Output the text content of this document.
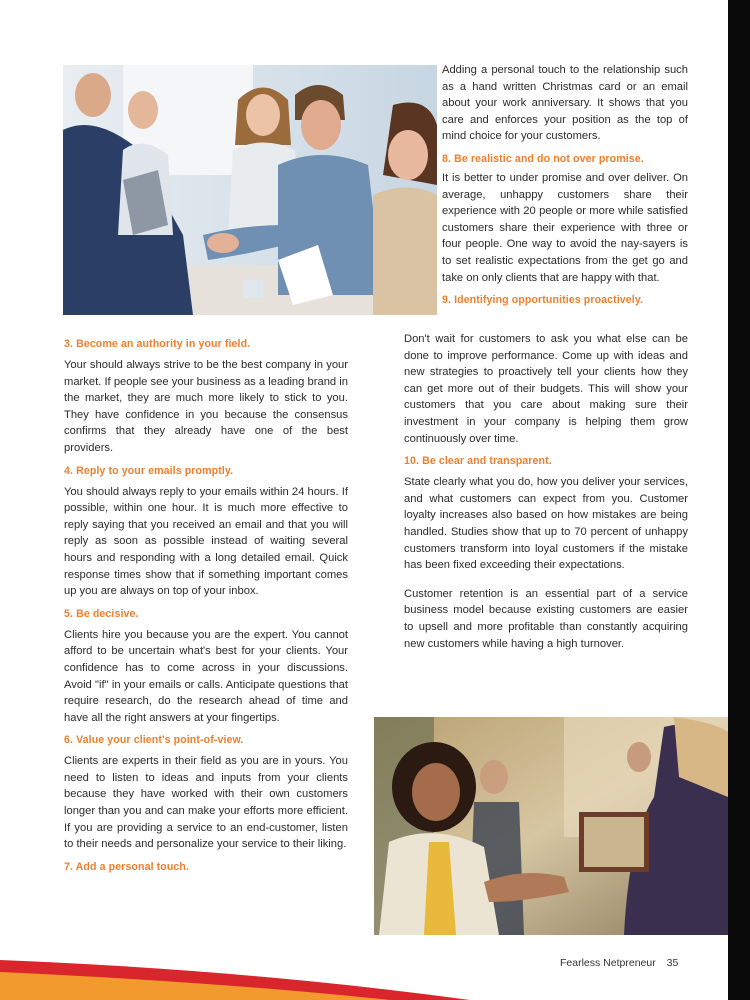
Adding a personal touch to the relationship such as a hand written Christmas card or an email about your work anniversary. It shows that you care and enforces your position as the top of mind choice for your customers.

8. Be realistic and do not over promise.

It is better to under promise and over deliver. On average, unhappy customers share their experience with 20 people or more while satisfied customers share their experience with three or four people. One way to avoid the nay-sayers is to set realistic expectations from the get go and take on only clients that are happy with that.

9. Identifying opportunities proactively.

Don't wait for customers to ask you what else can be done to improve performance. Come up with ideas and new strategies to proactively tell your clients how they can get more out of their budgets. This will show your customers that you care about making sure their investment in your company is helping them grow continuously over time.

10. Be clear and transparent.

State clearly what you do, how you deliver your services, and what customers can expect from you. Customer loyalty increases also based on how mistakes are being handled. Studies show that up to 70 percent of unhappy customers transform into loyal customers if the mistake has been fixed exceeding their expectations.

Customer retention is an essential part of a service business model because existing customers are easier to upsell and more profitable than constantly acquiring new customers while having a high turnover.

3. Become an authority in your field.

Your should always strive to be the best company in your market. If people see your business as a leading brand in the market, they are much more likely to stick to you. They have confidence in you because the consensus confirms that they already have one of the best providers.

4. Reply to your emails promptly.

You should always reply to your emails within 24 hours. If possible, within one hour. It is much more effective to reply saying that you received an email and that you will reply as soon as possible instead of waiting several hours and responding with a long detailed email. Quick response times show that if something important comes up you are always on top of your inbox.

5. Be decisive.

Clients hire you because you are the expert. You cannot afford to be uncertain what's best for your clients. Your confidence has to come across in your discussions. Avoid "if" in your emails or calls. Anticipate questions that require research, do the research ahead of time and have all the right answers at your fingertips.

6. Value your client's point-of-view.

Clients are experts in their field as you are in yours. You need to listen to ideas and inputs from your clients because they have worked with their own customers longer than you and can make your efforts more efficient. If you are providing a service to an end-customer, listen to their needs and personalize your service to their liking.

7. Add a personal touch.
Fearless Netpreneur 35
